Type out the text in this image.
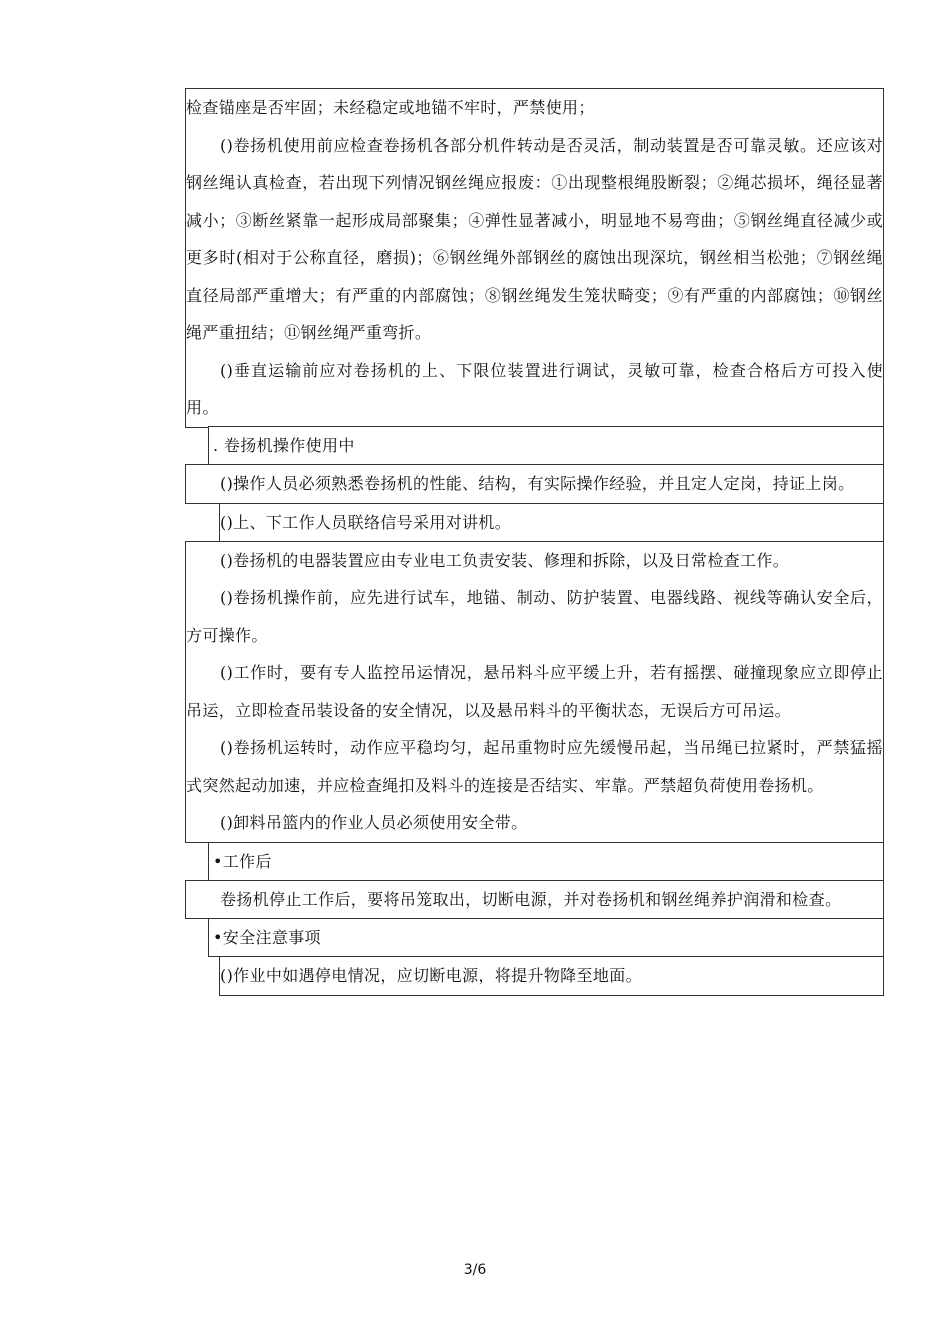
检查锚座是否牢固；未经稳定或地锚不牢时，严禁使用；

()卷扬机使用前应检查卷扬机各部分机件转动是否灵活，制动装置是否可靠灵敏。还应该对钢丝绳认真检查，若出现下列情况钢丝绳应报废：①出现整根绳股断裂；②绳芯损坏，绳径显著减小；③断丝紧靠一起形成局部聚集；④弹性显著减小，明显地不易弯曲；⑤钢丝绳直径减少或更多时(相对于公称直径，磨损)；⑥钢丝绳外部钢丝的腐蚀出现深坑，钢丝相当松弛；⑦钢丝绳直径局部严重增大；有严重的内部腐蚀；⑧钢丝绳发生笼状畸变；⑨有严重的内部腐蚀；⑩钢丝绳严重扭结；⑪钢丝绳严重弯折。

()垂直运输前应对卷扬机的上、下限位装置进行调试，灵敏可靠，检查合格后方可投入使用。

. 卷扬机操作使用中

()操作人员必须熟悉卷扬机的性能、结构，有实际操作经验，并且定人定岗，持证上岗。

()上、下工作人员联络信号采用对讲机。

()卷扬机的电器装置应由专业电工负责安装、修理和拆除，以及日常检查工作。

()卷扬机操作前，应先进行试车，地锚、制动、防护装置、电器线路、视线等确认安全后，方可操作。

()工作时，要有专人监控吊运情况，悬吊料斗应平缓上升，若有摇摆、碰撞现象应立即停止吊运，立即检查吊装设备的安全情况，以及悬吊料斗的平衡状态，无误后方可吊运。

()卷扬机运转时，动作应平稳均匀，起吊重物时应先缓慢吊起，当吊绳已拉紧时，严禁猛摇式突然起动加速，并应检查绳扣及料斗的连接是否结实、牢靠。严禁超负荷使用卷扬机。

()卸料吊篮内的作业人员必须使用安全带。

•工作后

卷扬机停止工作后，要将吊笼取出，切断电源，并对卷扬机和钢丝绳养护润滑和检查。

•安全注意事项

()作业中如遇停电情况，应切断电源，将提升物降至地面。

3/6
